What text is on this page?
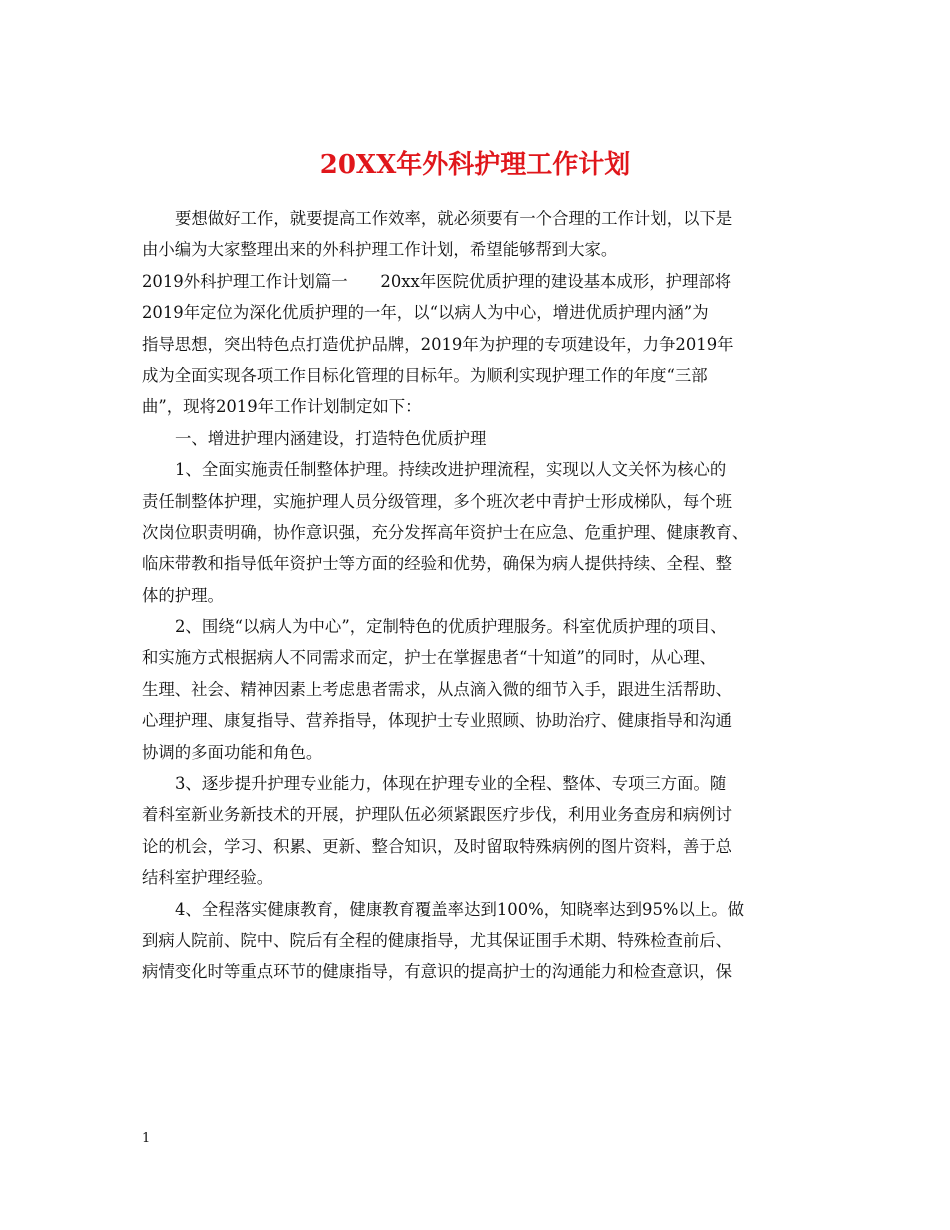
20XX年外科护理工作计划
要想做好工作，就要提高工作效率，就必须要有一个合理的工作计划，以下是
由小编为大家整理出来的外科护理工作计划，希望能够帮到大家。
2019外科护理工作计划篇一　　20xx年医院优质护理的建设基本成形，护理部将
2019年定位为深化优质护理的一年，以“以病人为中心，增进优质护理内涵”为
指导思想，突出特色点打造优护品牌，2019年为护理的专项建设年，力争2019年
成为全面实现各项工作目标化管理的目标年。为顺利实现护理工作的年度“三部
曲”，现将2019年工作计划制定如下：
一、增进护理内涵建设，打造特色优质护理
1、全面实施责任制整体护理。持续改进护理流程，实现以人文关怀为核心的
责任制整体护理，实施护理人员分级管理，多个班次老中青护士形成梯队，每个班
次岗位职责明确，协作意识强，充分发挥高年资护士在应急、危重护理、健康教育、
临床带教和指导低年资护士等方面的经验和优势，确保为病人提供持续、全程、整
体的护理。
2、围绕“以病人为中心”，定制特色的优质护理服务。科室优质护理的项目、
和实施方式根据病人不同需求而定，护士在掌握患者“十知道”的同时，从心理、
生理、社会、精神因素上考虑患者需求，从点滴入微的细节入手，跟进生活帮助、
心理护理、康复指导、营养指导，体现护士专业照顾、协助治疗、健康指导和沟通
协调的多面功能和角色。
3、逐步提升护理专业能力，体现在护理专业的全程、整体、专项三方面。随
着科室新业务新技术的开展，护理队伍必须紧跟医疗步伐，利用业务查房和病例讨
论的机会，学习、积累、更新、整合知识，及时留取特殊病例的图片资料，善于总
结科室护理经验。
4、全程落实健康教育，健康教育覆盖率达到100%，知晓率达到95%以上。做
到病人院前、院中、院后有全程的健康指导，尤其保证围手术期、特殊检查前后、
病情变化时等重点环节的健康指导，有意识的提高护士的沟通能力和检查意识，保
1
